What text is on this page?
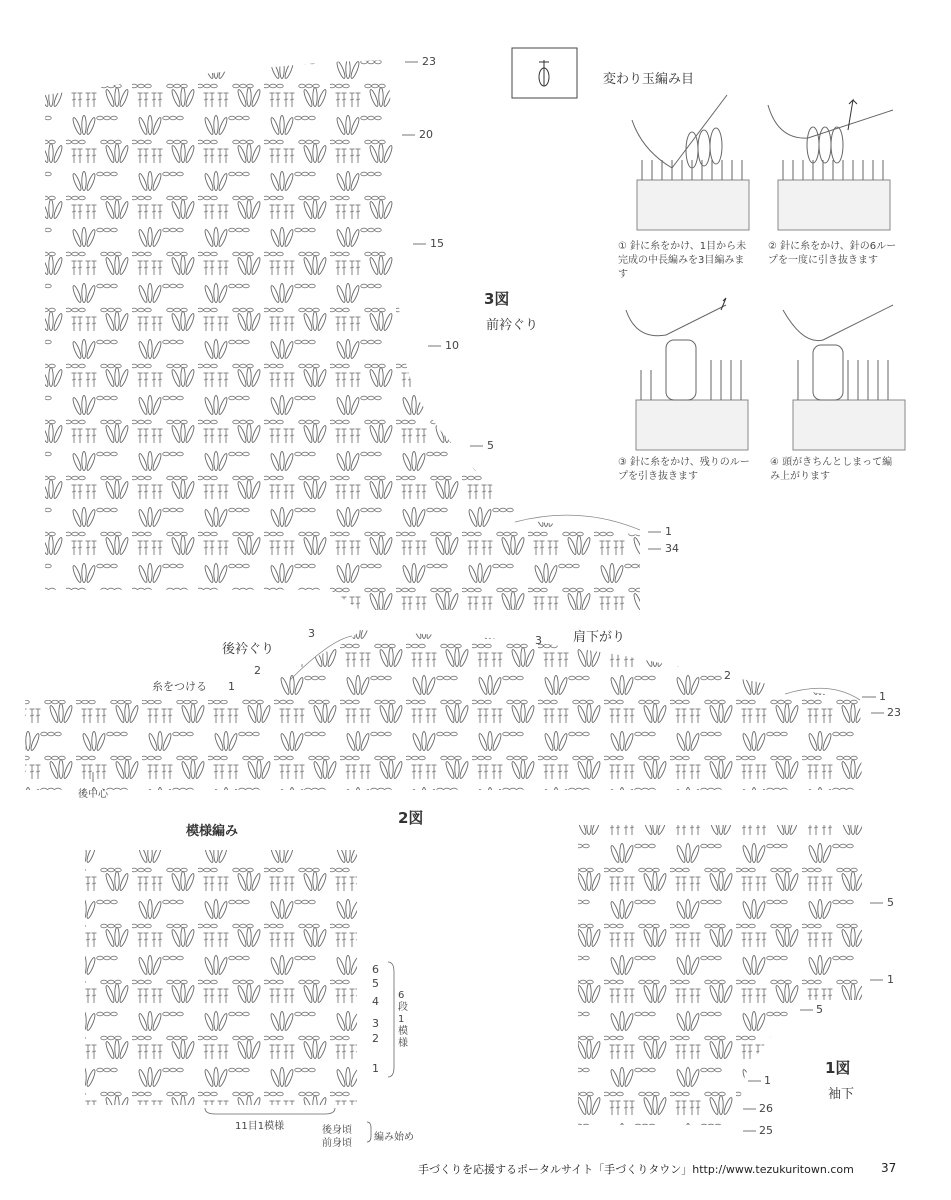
3図
前衿ぐり
23
20
15
10
5
1
34
変わり玉編み目
① 針に糸をかけ、1目から未完成の中長編みを3目編みます
② 針に糸をかけ、針の6ループを一度に引き抜きます
③ 針に糸をかけ、残りのループを引き抜きます
④ 頭がきちんとしまって編み上がります
後衿ぐり
肩下がり
糸をつける
後中心
3
2
1
3
2
1
23
2図
模様編み
6
5
4
3
2
1
6段1模様
11目1模様	後身頃
前身頃
編み始め
1図
袖下
5
1
5
1
26
25
手づくりを応援するポータルサイト「手づくりタウン」http://www.tezukuritown.com 37
